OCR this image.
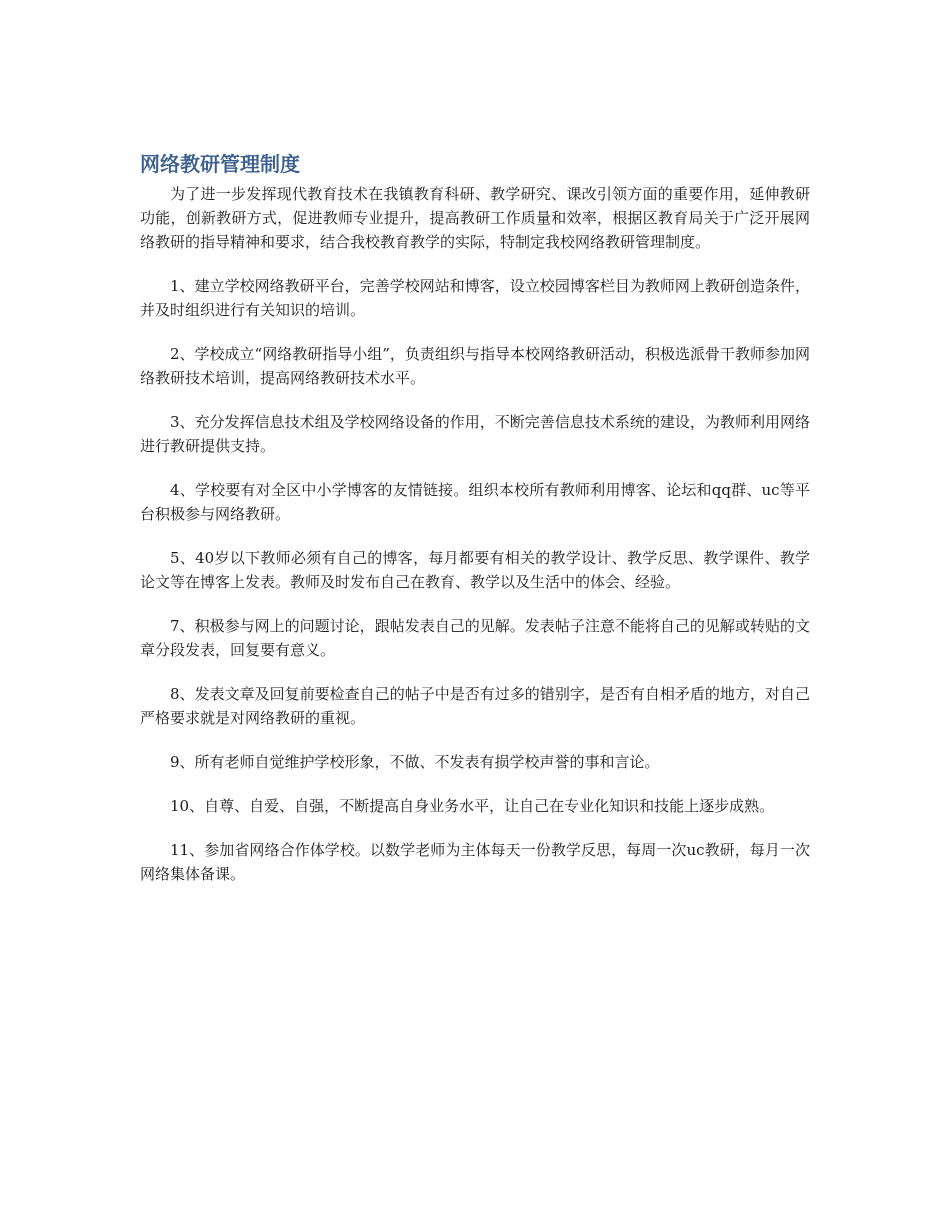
网络教研管理制度

为了进一步发挥现代教育技术在我镇教育科研、教学研究、课改引领方面的重要作用，延伸教研功能，创新教研方式，促进教师专业提升，提高教研工作质量和效率，根据区教育局关于广泛开展网络教研的指导精神和要求，结合我校教育教学的实际，特制定我校网络教研管理制度。

1、建立学校网络教研平台，完善学校网站和博客，设立校园博客栏目为教师网上教研创造条件，并及时组织进行有关知识的培训。

2、学校成立“网络教研指导小组”，负责组织与指导本校网络教研活动，积极选派骨干教师参加网络教研技术培训，提高网络教研技术水平。

3、充分发挥信息技术组及学校网络设备的作用，不断完善信息技术系统的建设，为教师利用网络进行教研提供支持。

4、学校要有对全区中小学博客的友情链接。组织本校所有教师利用博客、论坛和qq群、uc等平台积极参与网络教研。

5、40岁以下教师必须有自己的博客，每月都要有相关的教学设计、教学反思、教学课件、教学论文等在博客上发表。教师及时发布自己在教育、教学以及生活中的体会、经验。

7、积极参与网上的问题讨论，跟帖发表自己的见解。发表帖子注意不能将自己的见解或转贴的文章分段发表，回复要有意义。

8、发表文章及回复前要检查自己的帖子中是否有过多的错别字，是否有自相矛盾的地方，对自己严格要求就是对网络教研的重视。

9、所有老师自觉维护学校形象，不做、不发表有损学校声誉的事和言论。

10、自尊、自爱、自强，不断提高自身业务水平，让自己在专业化知识和技能上逐步成熟。

11、参加省网络合作体学校。以数学老师为主体每天一份教学反思，每周一次uc教研，每月一次网络集体备课。
